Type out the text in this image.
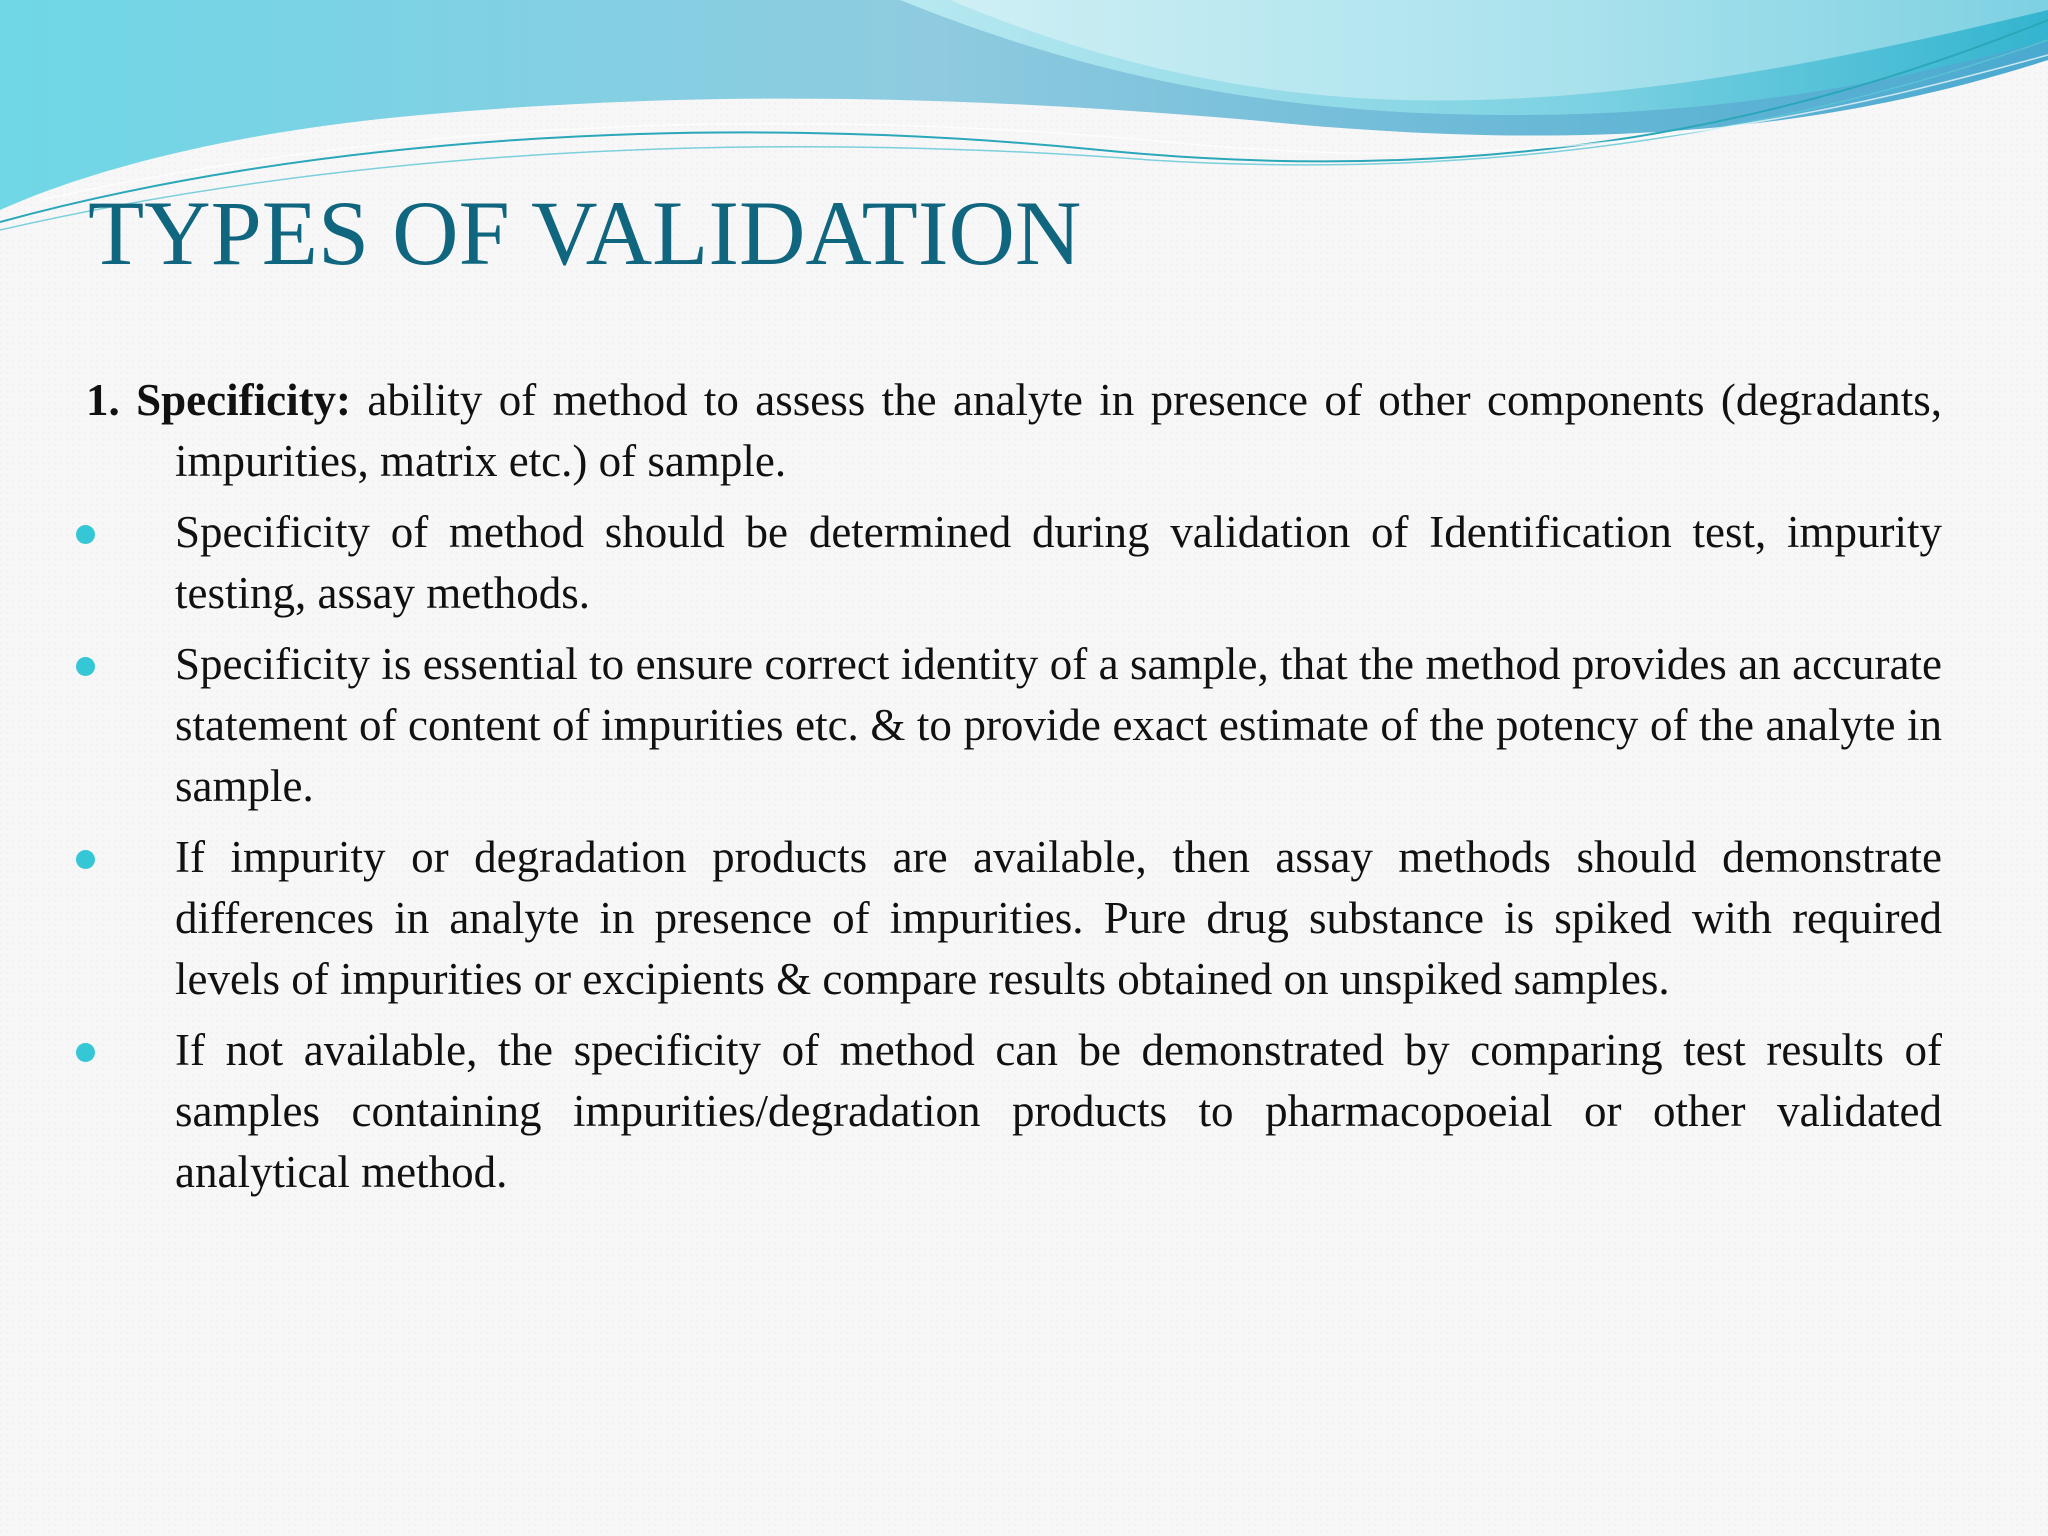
TYPES OF VALIDATION

1. Specificity: ability of method to assess the analyte in presence of other components (degradants, impurities, matrix etc.) of sample.

Specificity of method should be determined during validation of Identification test, impurity testing, assay methods.
Specificity is essential to ensure correct identity of a sample, that the method provides an accurate statement of content of impurities etc. & to provide exact estimate of the potency of the analyte in sample.
If impurity or degradation products are available, then assay methods should demonstrate differences in analyte in presence of impurities. Pure drug substance is spiked with required levels of impurities or excipients & compare results obtained on unspiked samples.
If not available, the specificity of method can be demonstrated by comparing test results of samples containing impurities/degradation products to pharmacopoeial or other validated analytical method.
